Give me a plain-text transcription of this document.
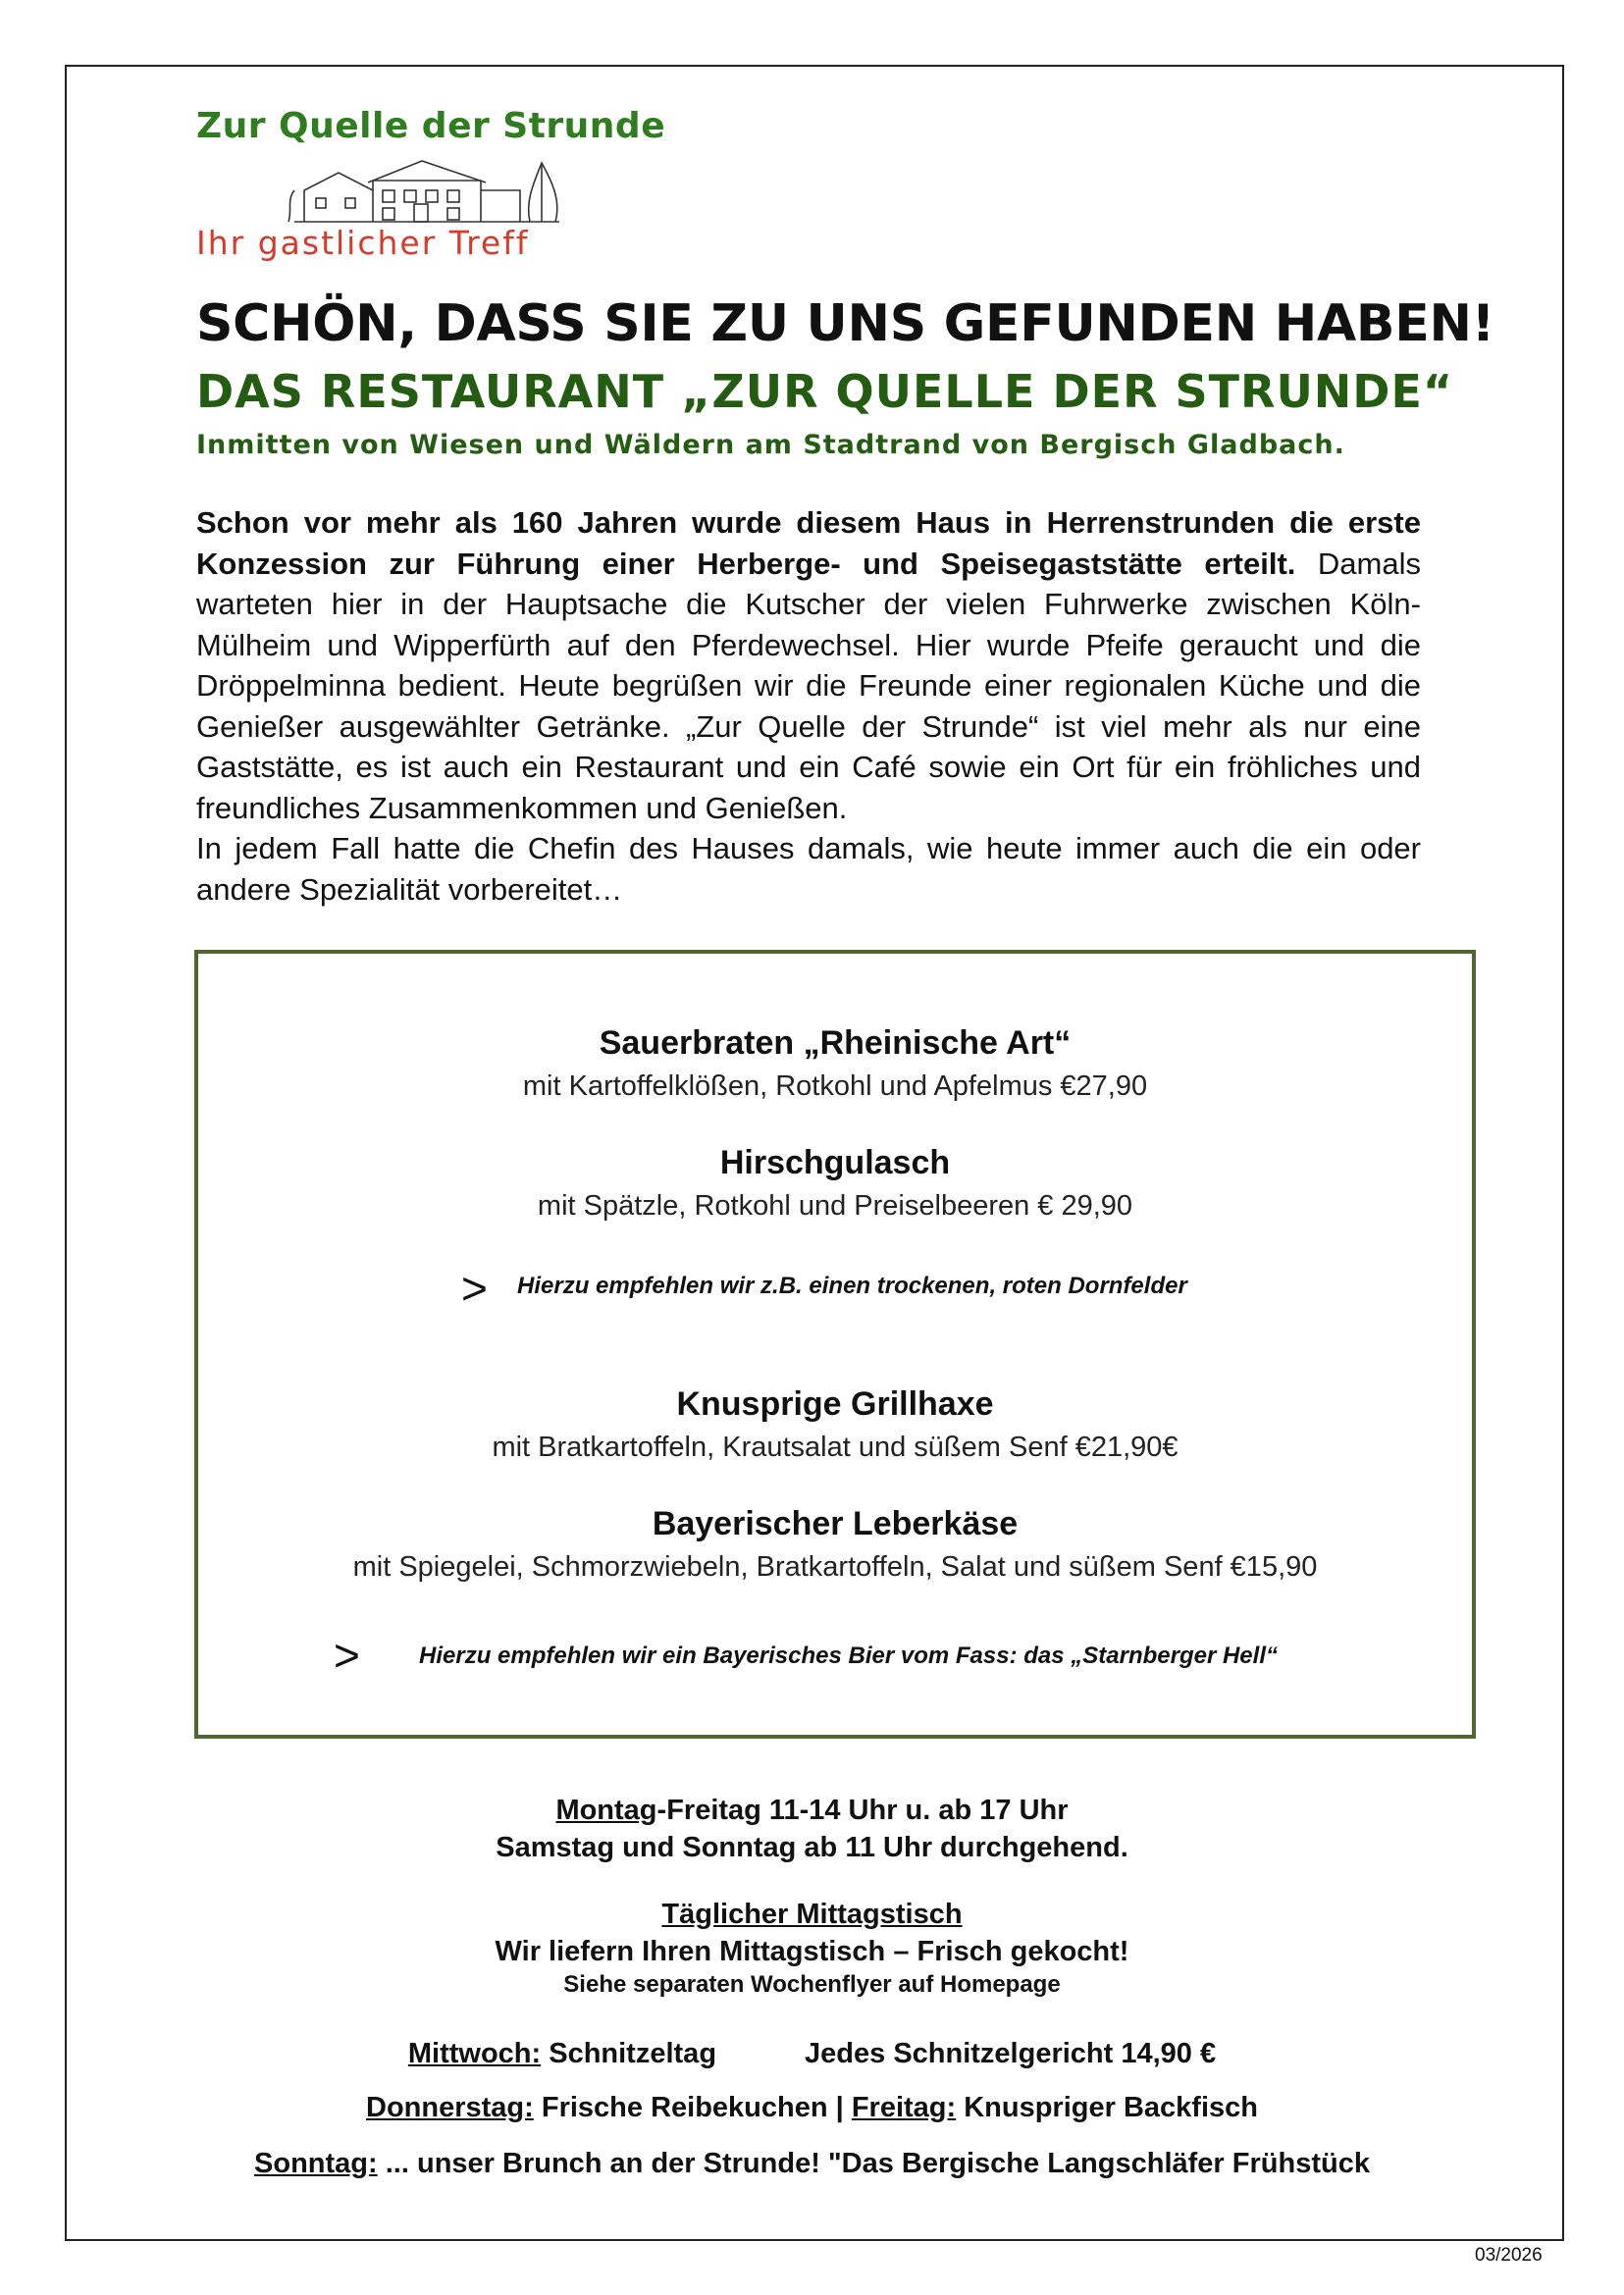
Zur Quelle der Strunde
Ihr gastlicher Treff
SCHÖN, DASS SIE ZU UNS GEFUNDEN HABEN!
DAS RESTAURANT „ZUR QUELLE DER STRUNDE“
Inmitten von Wiesen und Wäldern am Stadtrand von Bergisch Gladbach.

Schon vor mehr als 160 Jahren wurde diesem Haus in Herrenstrunden die erste Konzession zur Führung einer Herberge- und Speisegaststätte erteilt. Damals warteten hier in der Hauptsache die Kutscher der vielen Fuhrwerke zwischen Köln-Mülheim und Wipperfürth auf den Pferdewechsel. Hier wurde Pfeife geraucht und die Dröppelminna bedient. Heute begrüßen wir die Freunde einer regionalen Küche und die Genießer ausgewählter Getränke. „Zur Quelle der Strunde“ ist viel mehr als nur eine Gaststätte, es ist auch ein Restaurant und ein Café sowie ein Ort für ein fröhliches und freundliches Zusammenkommen und Genießen.

In jedem Fall hatte die Chefin des Hauses damals, wie heute immer auch die ein oder andere Spezialität vorbereitet…

Sauerbraten „Rheinische Art“
mit Kartoffelklößen, Rotkohl und Apfelmus €27,90
Hirschgulasch
mit Spätzle, Rotkohl und Preiselbeeren € 29,90
> Hierzu empfehlen wir z.B. einen trockenen, roten Dornfelder
Knusprige Grillhaxe
mit Bratkartoffeln, Krautsalat und süßem Senf €21,90€
Bayerischer Leberkäse
mit Spiegelei, Schmorzwiebeln, Bratkartoffeln, Salat und süßem Senf €15,90
>	Hierzu empfehlen wir ein Bayerisches Bier vom Fass: das „Starnberger Hell“
Montag-Freitag 11-14 Uhr u. ab 17 Uhr
Samstag und Sonntag ab 11 Uhr durchgehend.
Täglicher Mittagstisch
Wir liefern Ihren Mittagstisch – Frisch gekocht!
Siehe separaten Wochenflyer auf Homepage
Mittwoch: Schnitzeltag	Jedes Schnitzelgericht 14,90 €
Donnerstag: Frische Reibekuchen | Freitag: Knuspriger Backfisch
Sonntag: ... unser Brunch an der Strunde! "Das Bergische Langschläfer Frühstück
03/2026
